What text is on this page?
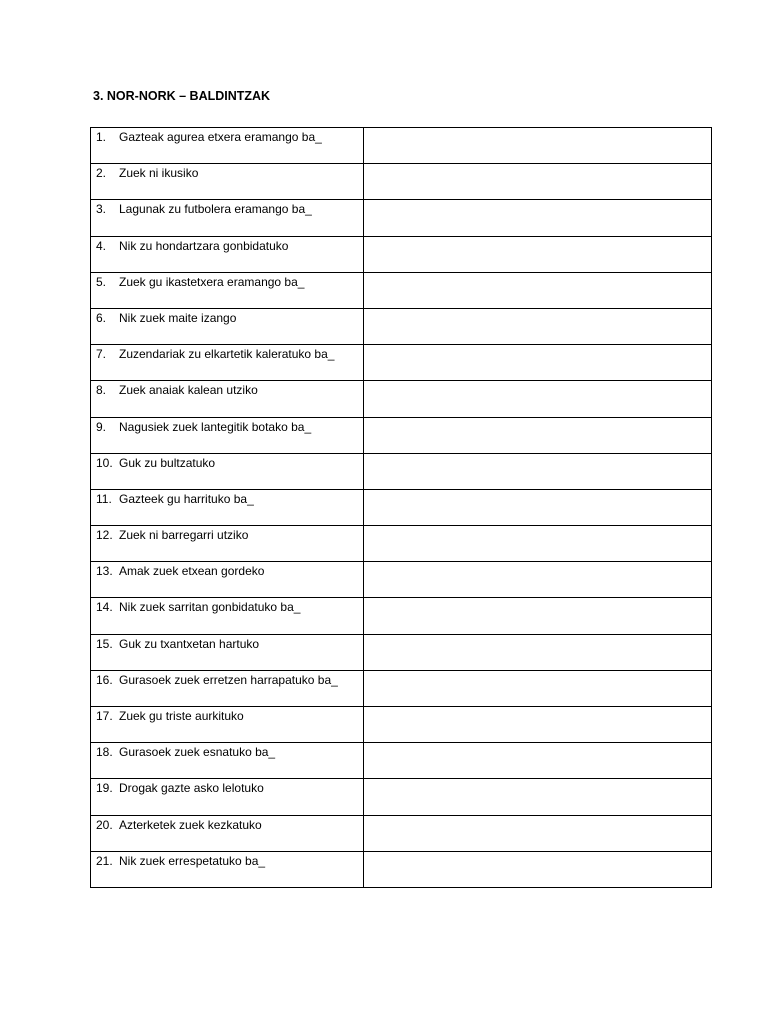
3. NOR-NORK – BALDINTZAK
1. Gazteak agurea etxera eramango ba_	

2. Zuek ni ikusiko	

3. Lagunak zu futbolera eramango ba_	

4. Nik zu hondartzara gonbidatuko	

5. Zuek gu ikastetxera eramango ba_	

6. Nik zuek maite izango	

7. Zuzendariak zu elkartetik kaleratuko ba_	

8. Zuek anaiak kalean utziko	

9. Nagusiek zuek lantegitik botako ba_	

10. Guk zu bultzatuko	

11. Gazteek gu harrituko ba_	

12. Zuek ni barregarri utziko	

13. Amak zuek etxean gordeko	

14. Nik zuek sarritan gonbidatuko ba_	

15. Guk zu txantxetan hartuko	

16. Gurasoek zuek erretzen harrapatuko ba_	

17. Zuek gu triste aurkituko	

18. Gurasoek zuek esnatuko ba_	

19. Drogak gazte asko lelotuko	

20. Azterketek zuek kezkatuko	

21. Nik zuek errespetatuko ba_	
